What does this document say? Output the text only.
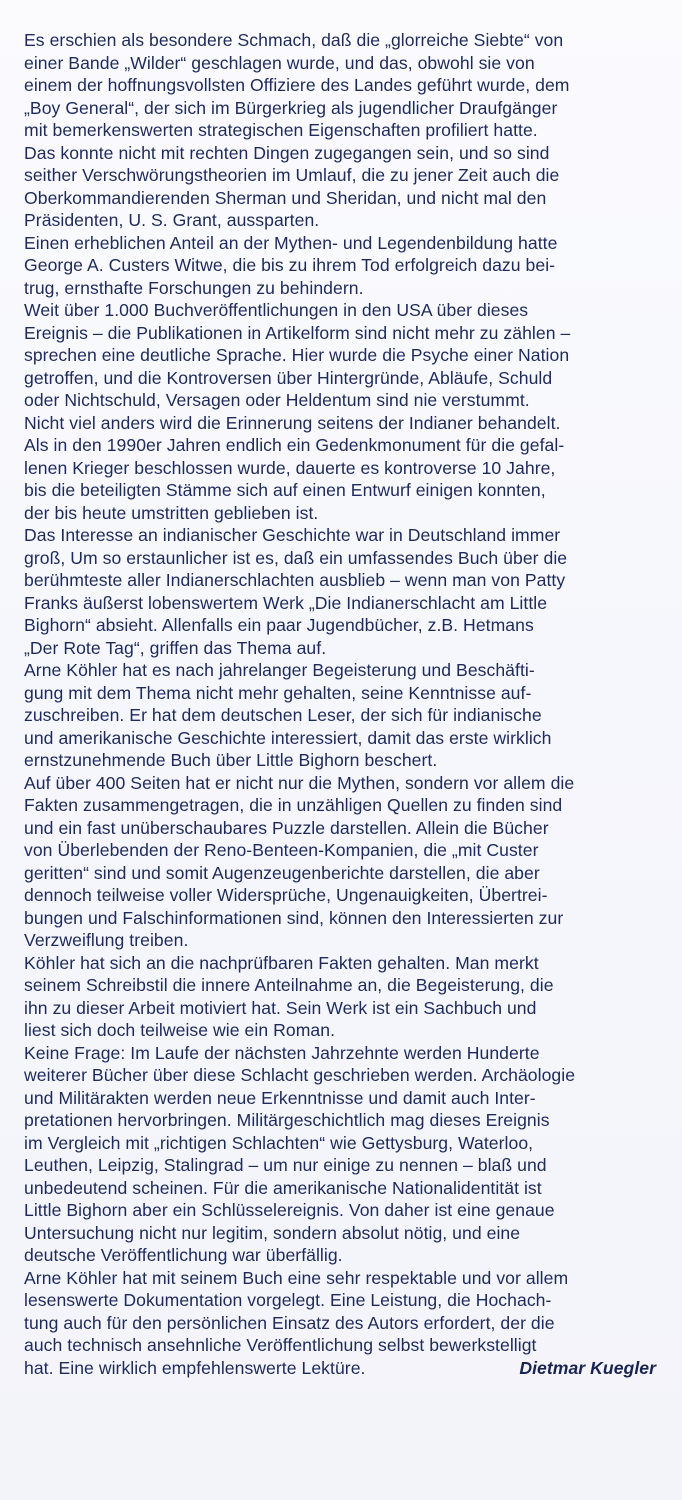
Es erschien als besondere Schmach, daß die „glorreiche Siebte“ von
einer Bande „Wilder“ geschlagen wurde, und das, obwohl sie von
einem der hoffnungsvollsten Offiziere des Landes geführt wurde, dem
„Boy General“, der sich im Bürgerkrieg als jugendlicher Draufgänger
mit bemerkenswerten strategischen Eigenschaften profiliert hatte.

Das konnte nicht mit rechten Dingen zugegangen sein, und so sind
seither Verschwörungstheorien im Umlauf, die zu jener Zeit auch die
Oberkommandierenden Sherman und Sheridan, und nicht mal den
Präsidenten, U. S. Grant, aussparten.

Einen erheblichen Anteil an der Mythen- und Legendenbildung hatte
George A. Custers Witwe, die bis zu ihrem Tod erfolgreich dazu bei-
trug, ernsthafte Forschungen zu behindern.

Weit über 1.000 Buchveröffentlichungen in den USA über dieses
Ereignis – die Publikationen in Artikelform sind nicht mehr zu zählen –
sprechen eine deutliche Sprache. Hier wurde die Psyche einer Nation
getroffen, und die Kontroversen über Hintergründe, Abläufe, Schuld
oder Nichtschuld, Versagen oder Heldentum sind nie verstummt.

Nicht viel anders wird die Erinnerung seitens der Indianer behandelt.
Als in den 1990er Jahren endlich ein Gedenkmonument für die gefal-
lenen Krieger beschlossen wurde, dauerte es kontroverse 10 Jahre,
bis die beteiligten Stämme sich auf einen Entwurf einigen konnten,
der bis heute umstritten geblieben ist.

Das Interesse an indianischer Geschichte war in Deutschland immer
groß, Um so erstaunlicher ist es, daß ein umfassendes Buch über die
berühmteste aller Indianerschlachten ausblieb – wenn man von Patty
Franks äußerst lobenswertem Werk „Die Indianerschlacht am Little
Bighorn“ absieht. Allenfalls ein paar Jugendbücher, z.B. Hetmans
„Der Rote Tag“, griffen das Thema auf.

Arne Köhler hat es nach jahrelanger Begeisterung und Beschäfti-
gung mit dem Thema nicht mehr gehalten, seine Kenntnisse auf-
zuschreiben. Er hat dem deutschen Leser, der sich für indianische
und amerikanische Geschichte interessiert, damit das erste wirklich
ernstzunehmende Buch über Little Bighorn beschert.

Auf über 400 Seiten hat er nicht nur die Mythen, sondern vor allem die
Fakten zusammengetragen, die in unzähligen Quellen zu finden sind
und ein fast unüberschaubares Puzzle darstellen. Allein die Bücher
von Überlebenden der Reno-Benteen-Kompanien, die „mit Custer
geritten“ sind und somit Augenzeugenberichte darstellen, die aber
dennoch teilweise voller Widersprüche, Ungenauigkeiten, Übertrei-
bungen und Falschinformationen sind, können den Interessierten zur
Verzweiflung treiben.

Köhler hat sich an die nachprüfbaren Fakten gehalten. Man merkt
seinem Schreibstil die innere Anteilnahme an, die Begeisterung, die
ihn zu dieser Arbeit motiviert hat. Sein Werk ist ein Sachbuch und
liest sich doch teilweise wie ein Roman.

Keine Frage: Im Laufe der nächsten Jahrzehnte werden Hunderte
weiterer Bücher über diese Schlacht geschrieben werden. Archäologie
und Militärakten werden neue Erkenntnisse und damit auch Inter-
pretationen hervorbringen. Militärgeschichtlich mag dieses Ereignis
im Vergleich mit „richtigen Schlachten“ wie Gettysburg, Waterloo,
Leuthen, Leipzig, Stalingrad – um nur einige zu nennen – blaß und
unbedeutend scheinen. Für die amerikanische Nationalidentität ist
Little Bighorn aber ein Schlüsselereignis. Von daher ist eine genaue
Untersuchung nicht nur legitim, sondern absolut nötig, und eine
deutsche Veröffentlichung war überfällig.

Arne Köhler hat mit seinem Buch eine sehr respektable und vor allem
lesenswerte Dokumentation vorgelegt. Eine Leistung, die Hochach-
tung auch für den persönlichen Einsatz des Autors erfordert, der die
auch technisch ansehnliche Veröffentlichung selbst bewerkstelligt
hat. Eine wirklich empfehlenswerte Lektüre.	Dietmar Kuegler
